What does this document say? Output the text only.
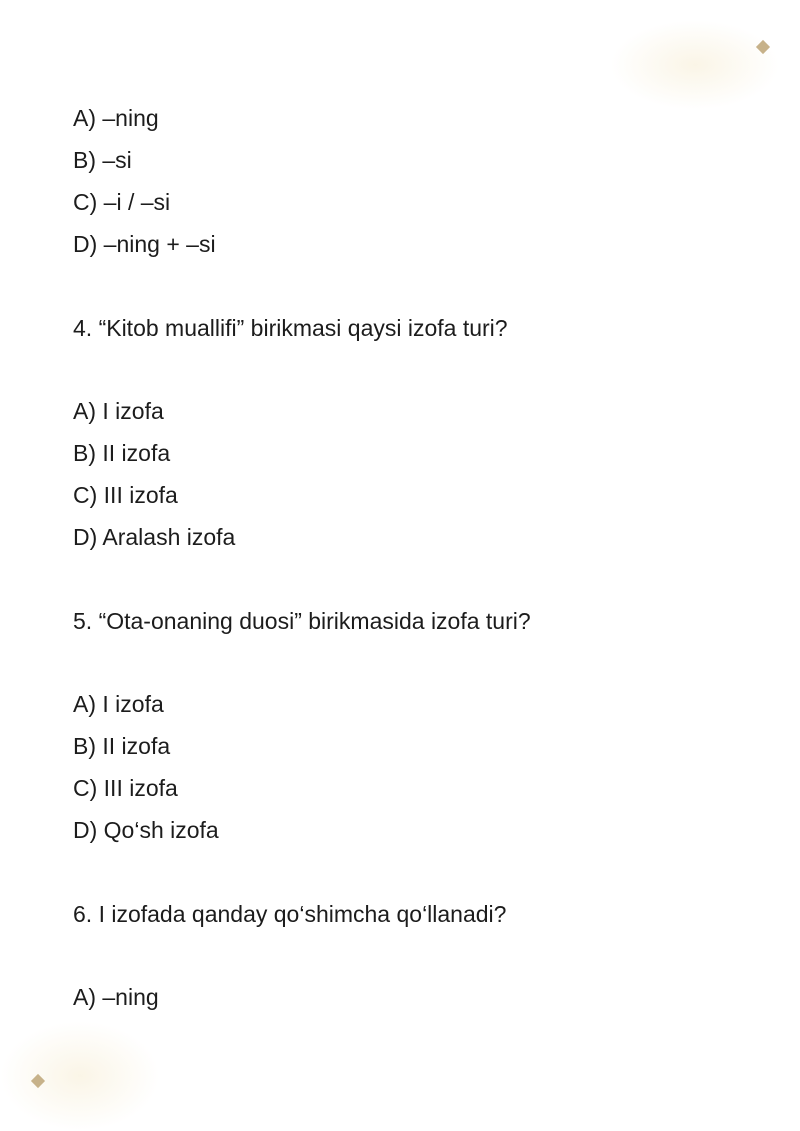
A) –ning
B) –si
C) –i / –si
D) –ning + –si
4. “Kitob muallifi” birikmasi qaysi izofa turi?
A) I izofa
B) II izofa
C) III izofa
D) Aralash izofa
5. “Ota-onaning duosi” birikmasida izofa turi?
A) I izofa
B) II izofa
C) III izofa
D) Qo‘sh izofa
6. I izofada qanday qo‘shimcha qo‘llanadi?
A) –ning
